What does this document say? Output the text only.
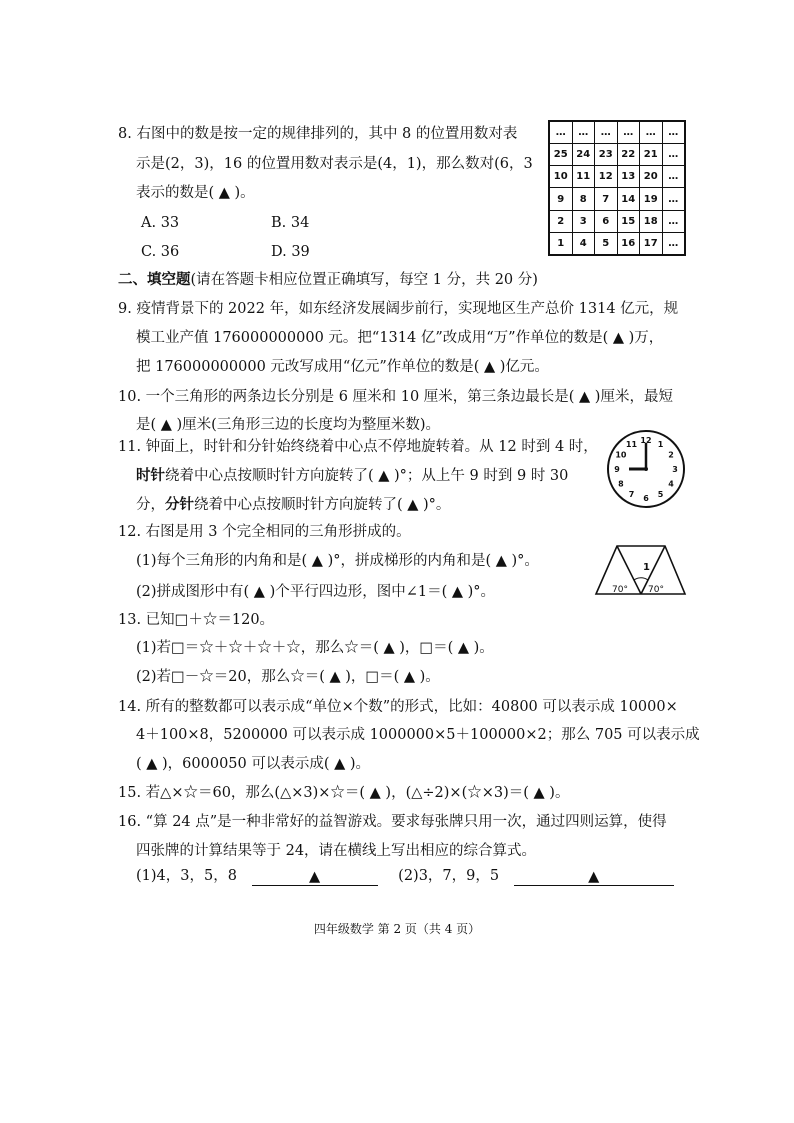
8. 右图中的数是按一定的规律排列的，其中 8 的位置用数对表
示是(2，3)，16 的位置用数对表示是(4，1)，那么数对(6，3
表示的数是( ▲ )。
A. 33	B. 34
C. 36	D. 39
…	…	…	…	…	…
25	24	23	22	21	…
10	11	12	13	20	…
9	8	7	14	19	…
2	3	6	15	18	…
1	4	5	16	17	…
二、填空题(请在答题卡相应位置正确填写，每空 1 分，共 20 分)
9. 疫情背景下的 2022 年，如东经济发展阔步前行，实现地区生产总价 1314 亿元，规
模工业产值 176000000000 元。把“1314 亿”改成用“万”作单位的数是( ▲ )万，
把 176000000000 元改写成用“亿元”作单位的数是( ▲ )亿元。
10. 一个三角形的两条边长分别是 6 厘米和 10 厘米，第三条边最长是( ▲ )厘米，最短
是( ▲ )厘米(三角形三边的长度均为整厘米数)。
11. 钟面上，时针和分针始终绕着中心点不停地旋转着。从 12 时到 4 时，
时针绕着中心点按顺时针方向旋转了( ▲ )°；从上午 9 时到 9 时 30
分，分针绕着中心点按顺时针方向旋转了( ▲ )°。
12 1
2
3
4
5
6
7
8
9
10
11
12. 右图是用 3 个完全相同的三角形拼成的。
(1)每个三角形的内角和是( ▲ )°，拼成梯形的内角和是( ▲ )°。
(2)拼成图形中有( ▲ )个平行四边形，图中∠1＝( ▲ )°。
1
70° 70°
13. 已知□＋☆＝120。
(1)若□＝☆＋☆＋☆＋☆，那么☆＝( ▲ )，□＝( ▲ )。
(2)若□－☆＝20，那么☆＝( ▲ )，□＝( ▲ )。
14. 所有的整数都可以表示成“单位×个数”的形式，比如：40800 可以表示成 10000×
4＋100×8，5200000 可以表示成 1000000×5＋100000×2；那么 705 可以表示成
( ▲ )，6000050 可以表示成( ▲ )。
15. 若△×☆＝60，那么(△×3)×☆＝( ▲ )，(△÷2)×(☆×3)＝( ▲ )。
16. “算 24 点”是一种非常好的益智游戏。要求每张牌只用一次，通过四则运算，使得
四张牌的计算结果等于 24，请在横线上写出相应的综合算式。
(1)4，3，5，8	▲	(2)3，7，9，5	▲
四年级数学 第 2 页（共 4 页）
